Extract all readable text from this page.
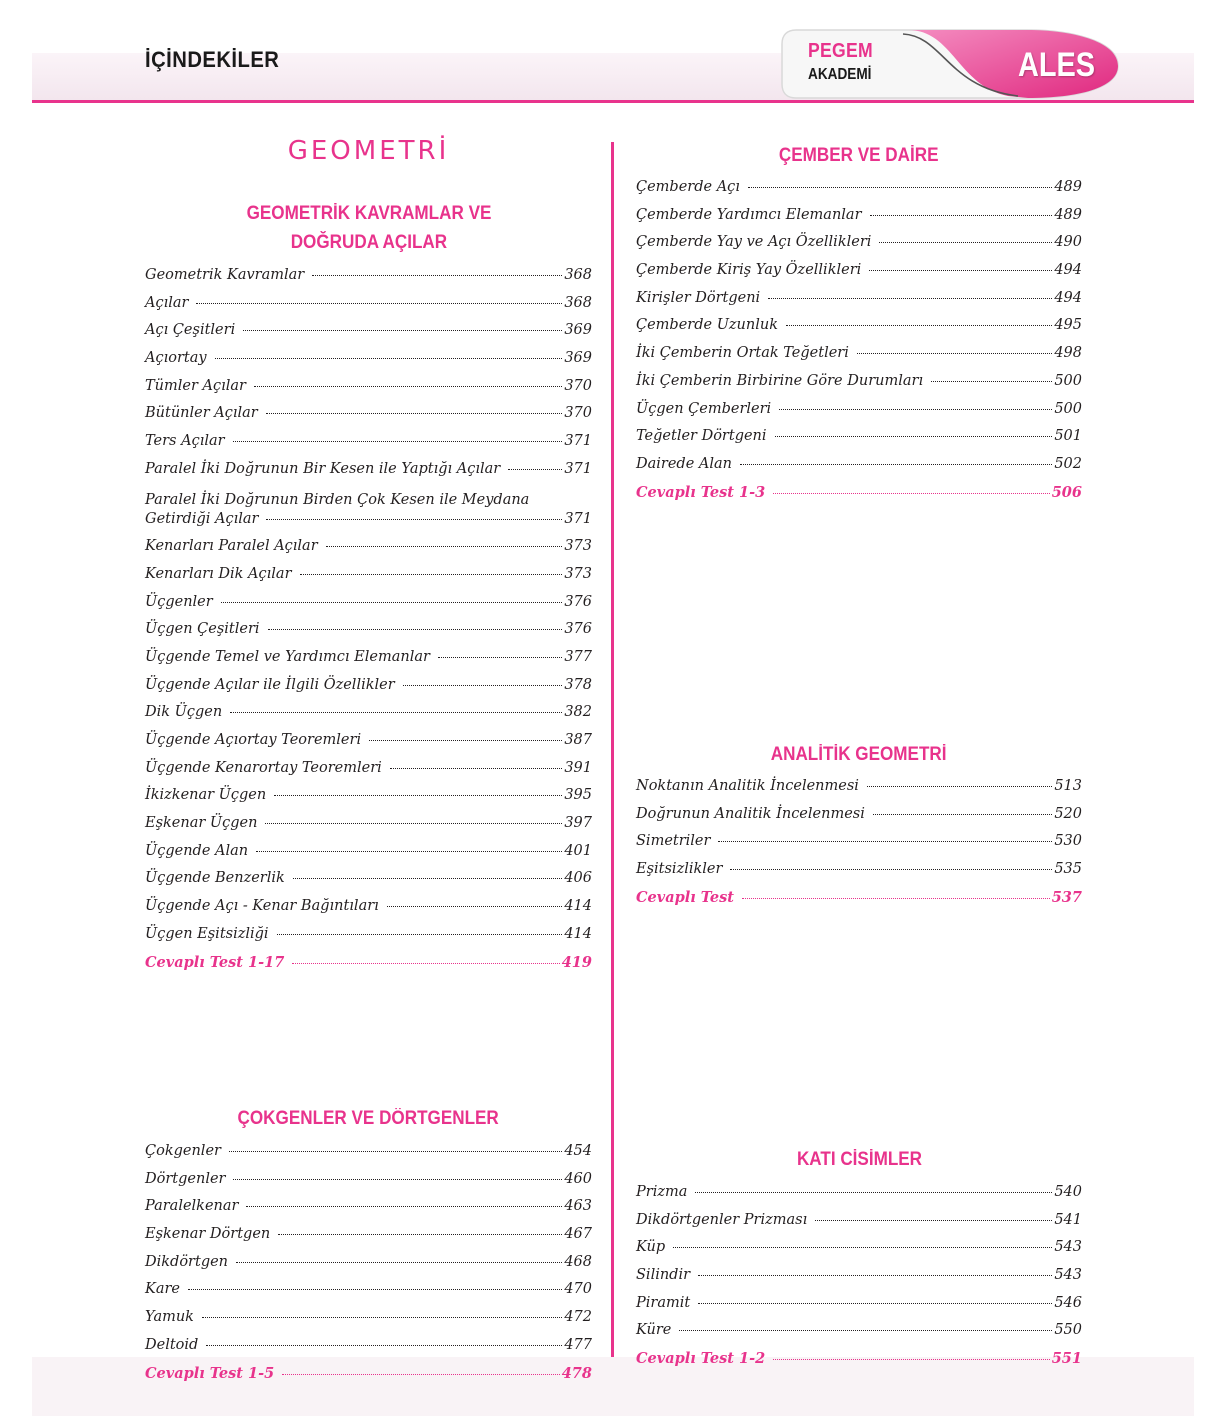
İÇİNDEKİLER	PEGEM
AKADEMİ	ALES
GEOMETRİ
GEOMETRİK KAVRAMLAR VE
DOĞRUDA AÇILAR
Geometrik Kavramlar	368
Açılar	368
Açı Çeşitleri	369
Açıortay	369
Tümler Açılar	370
Bütünler Açılar	370
Ters Açılar	371
Paralel İki Doğrunun Bir Kesen ile Yaptığı Açılar	371
Paralel İki Doğrunun Birden Çok Kesen ile Meydana
Getirdiği Açılar	371
Kenarları Paralel Açılar	373
Kenarları Dik Açılar	373
Üçgenler	376
Üçgen Çeşitleri	376
Üçgende Temel ve Yardımcı Elemanlar	377
Üçgende Açılar ile İlgili Özellikler	378
Dik Üçgen	382
Üçgende Açıortay Teoremleri	387
Üçgende Kenarortay Teoremleri	391
İkizkenar Üçgen	395
Eşkenar Üçgen	397
Üçgende Alan	401
Üçgende Benzerlik	406
Üçgende Açı - Kenar Bağıntıları	414
Üçgen Eşitsizliği	414
Cevaplı Test 1-17	419
ÇOKGENLER VE DÖRTGENLER
Çokgenler	454
Dörtgenler	460
Paralelkenar	463
Eşkenar Dörtgen	467
Dikdörtgen	468
Kare	470
Yamuk	472
Deltoid	477
Cevaplı Test 1-5	478
ÇEMBER VE DAİRE
Çemberde Açı	489
Çemberde Yardımcı Elemanlar	489
Çemberde Yay ve Açı Özellikleri	490
Çemberde Kiriş Yay Özellikleri	494
Kirişler Dörtgeni	494
Çemberde Uzunluk	495
İki Çemberin Ortak Teğetleri	498
İki Çemberin Birbirine Göre Durumları	500
Üçgen Çemberleri	500
Teğetler Dörtgeni	501
Dairede Alan	502
Cevaplı Test 1-3	506
ANALİTİK GEOMETRİ
Noktanın Analitik İncelenmesi	513
Doğrunun Analitik İncelenmesi	520
Simetriler	530
Eşitsizlikler	535
Cevaplı Test	537
KATI CİSİMLER
Prizma	540
Dikdörtgenler Prizması	541
Küp	543
Silindir	543
Piramit	546
Küre	550
Cevaplı Test 1-2	551
